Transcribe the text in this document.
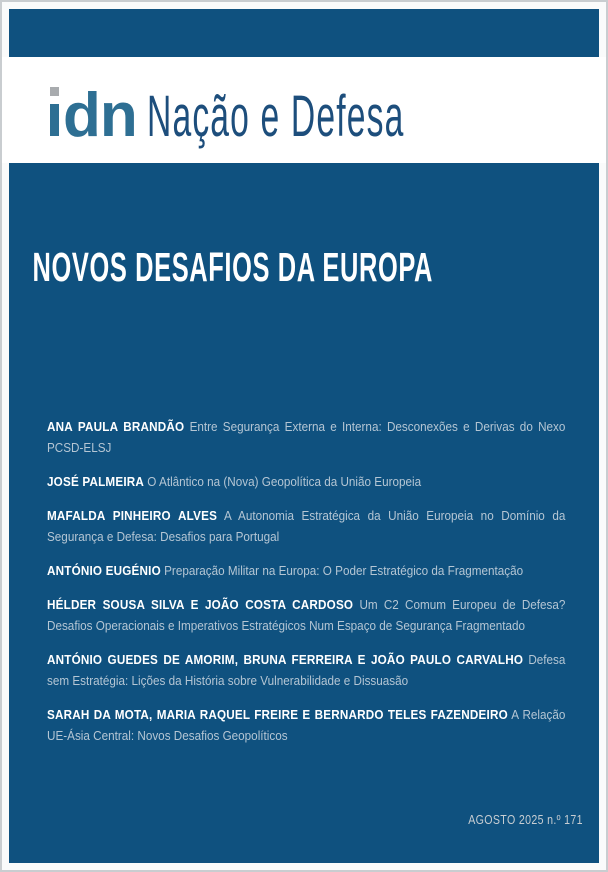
dn Nação e Defesa
NOVOS DESAFIOS DA EUROPA

ANA PAULA BRANDÃO Entre Segurança Externa e Interna: Desconexões e Derivas do Nexo PCSD-ELSJ

JOSÉ PALMEIRA O Atlântico na (Nova) Geopolítica da União Europeia

MAFALDA PINHEIRO ALVES A Autonomia Estratégica da União Europeia no Domínio da Segurança e Defesa: Desafios para Portugal

ANTÓNIO EUGÉNIO Preparação Militar na Europa: O Poder Estratégico da Fragmentação

HÉLDER SOUSA SILVA E JOÃO COSTA CARDOSO Um C2 Comum Europeu de Defesa? Desafios Operacionais e Imperativos Estratégicos Num Espaço de Segurança Fragmentado

ANTÓNIO GUEDES DE AMORIM, BRUNA FERREIRA E JOÃO PAULO CARVALHO Defesa sem Estratégia: Lições da História sobre Vulnerabilidade e Dissuasão

SARAH DA MOTA, MARIA RAQUEL FREIRE E BERNARDO TELES FAZENDEIRO A Relação UE-Ásia Central: Novos Desafios Geopolíticos

AGOSTO 2025 n.º 171
